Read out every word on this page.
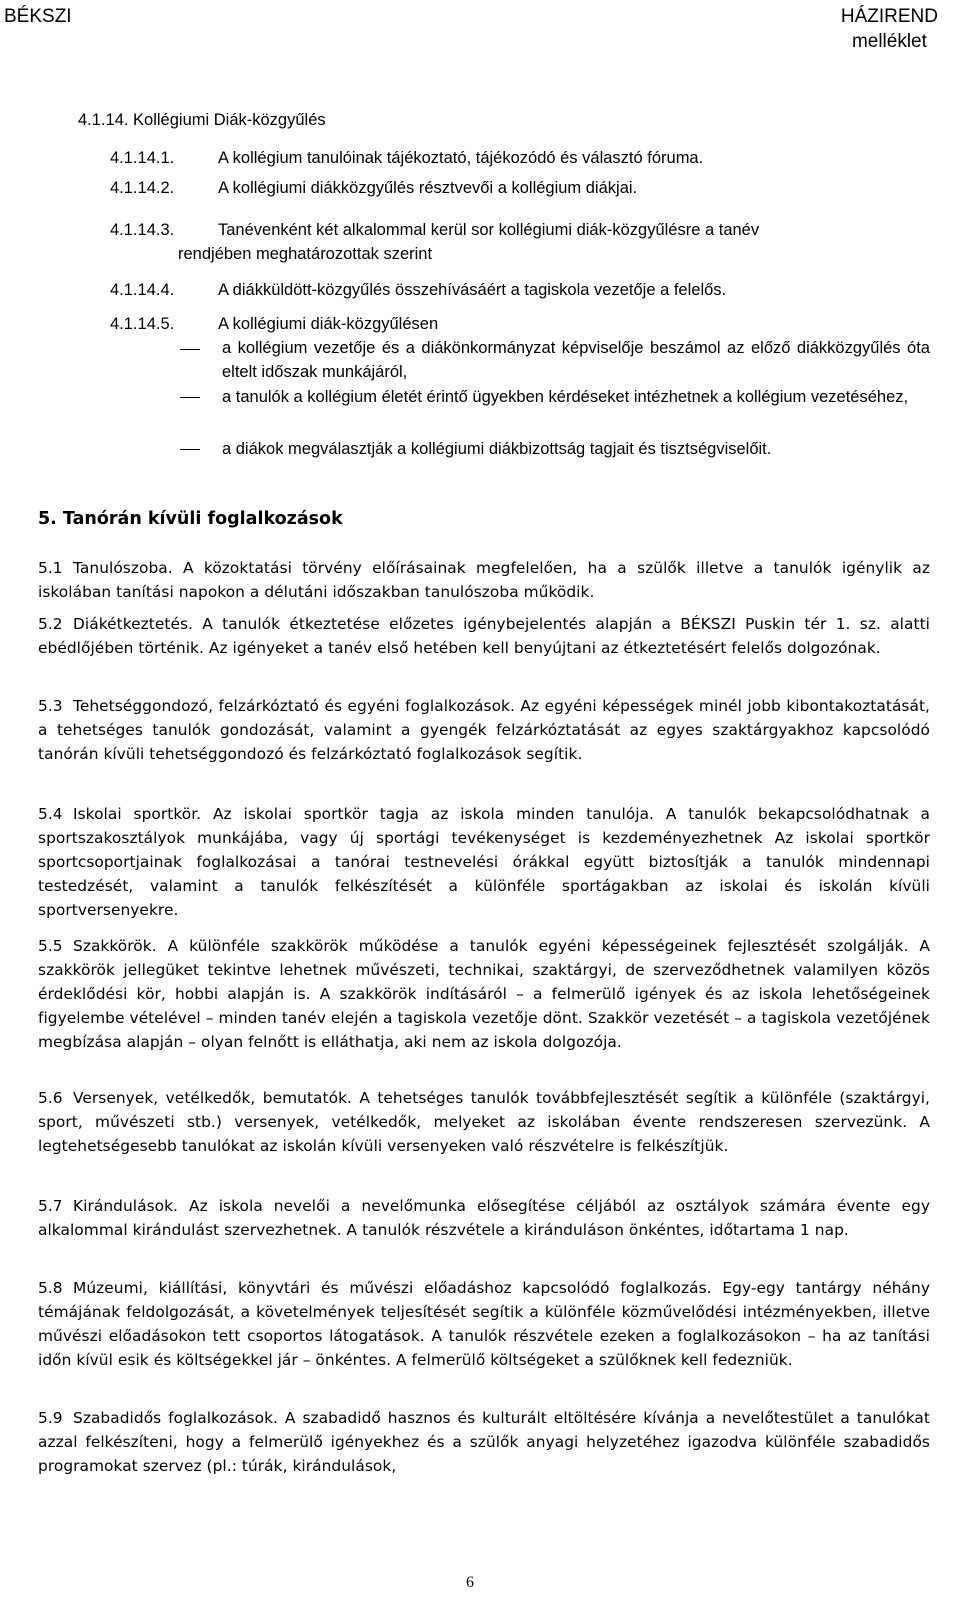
BÉKSZI	HÁZIREND
melléklet
4.1.14. Kollégiumi Diák-közgyűlés
4.1.14.1.	A kollégium tanulóinak tájékoztató, tájékozódó és választó fóruma.
4.1.14.2.	A kollégiumi diákközgyűlés résztvevői a kollégium diákjai.
4.1.14.3.	Tanévenként két alkalommal kerül sor kollégiumi diák-közgyűlésre a tanév
rendjében meghatározottak szerint
4.1.14.4.	A diákküldött-közgyűlés összehívásáért a tagiskola vezetője a felelős.
4.1.14.5.	A kollégiumi diák-közgyűlésen
a kollégium vezetője és a diákönkormányzat képviselője beszámol az előző diákközgyűlés óta eltelt időszak munkájáról,
a tanulók a kollégium életét érintő ügyekben kérdéseket intézhetnek a kollégium vezetéséhez,
a diákok megválasztják a kollégiumi diákbizottság tagjait és tisztségviselőit.
5. Tanórán kívüli foglalkozások
5.1 Tanulószoba. A közoktatási törvény előírásainak megfelelően, ha a szülők illetve a tanulók igénylik az iskolában tanítási napokon a délutáni időszakban tanulószoba működik.
5.2 Diákétkeztetés. A tanulók étkeztetése előzetes igénybejelentés alapján a BÉKSZI Puskin tér 1. sz. alatti ebédlőjében történik. Az igényeket a tanév első hetében kell benyújtani az étkeztetésért felelős dolgozónak.
5.3 Tehetséggondozó, felzárkóztató és egyéni foglalkozások. Az egyéni képességek minél jobb kibontakoztatását, a tehetséges tanulók gondozását, valamint a gyengék felzárkóztatását az egyes szaktárgyakhoz kapcsolódó tanórán kívüli tehetséggondozó és felzárkóztató foglalkozások segítik.
5.4 Iskolai sportkör. Az iskolai sportkör tagja az iskola minden tanulója. A tanulók bekapcsolódhatnak a sportszakosztályok munkájába, vagy új sportági tevékenységet is kezdeményezhetnek Az iskolai sportkör sportcsoportjainak foglalkozásai a tanórai testnevelési órákkal együtt biztosítják a tanulók mindennapi testedzését, valamint a tanulók felkészítését a különféle sportágakban az iskolai és iskolán kívüli sportversenyekre.
5.5 Szakkörök. A különféle szakkörök működése a tanulók egyéni képességeinek fejlesztését szolgálják. A szakkörök jellegüket tekintve lehetnek művészeti, technikai, szaktárgyi, de szerveződhetnek valamilyen közös érdeklődési kör, hobbi alapján is. A szakkörök indításáról – a felmerülő igények és az iskola lehetőségeinek figyelembe vételével – minden tanév elején a tagiskola vezetője dönt. Szakkör vezetését – a tagiskola vezetőjének megbízása alapján – olyan felnőtt is elláthatja, aki nem az iskola dolgozója.
5.6 Versenyek, vetélkedők, bemutatók. A tehetséges tanulók továbbfejlesztését segítik a különféle (szaktárgyi, sport, művészeti stb.) versenyek, vetélkedők, melyeket az iskolában évente rendszeresen szervezünk. A legtehetségesebb tanulókat az iskolán kívüli versenyeken való részvételre is felkészítjük.
5.7 Kirándulások. Az iskola nevelői a nevelőmunka elősegítése céljából az osztályok számára évente egy alkalommal kirándulást szervezhetnek. A tanulók részvétele a kiránduláson önkéntes, időtartama 1 nap.
5.8 Múzeumi, kiállítási, könyvtári és művészi előadáshoz kapcsolódó foglalkozás. Egy-egy tantárgy néhány témájának feldolgozását, a követelmények teljesítését segítik a különféle közművelődési intézményekben, illetve művészi előadásokon tett csoportos látogatások. A tanulók részvétele ezeken a foglalkozásokon – ha az tanítási időn kívül esik és költségekkel jár – önkéntes. A felmerülő költségeket a szülőknek kell fedezniük.
5.9 Szabadidős foglalkozások. A szabadidő hasznos és kulturált eltöltésére kívánja a nevelőtestület a tanulókat azzal felkészíteni, hogy a felmerülő igényekhez és a szülők anyagi helyzetéhez igazodva különféle szabadidős programokat szervez (pl.: túrák, kirándulások,
6
